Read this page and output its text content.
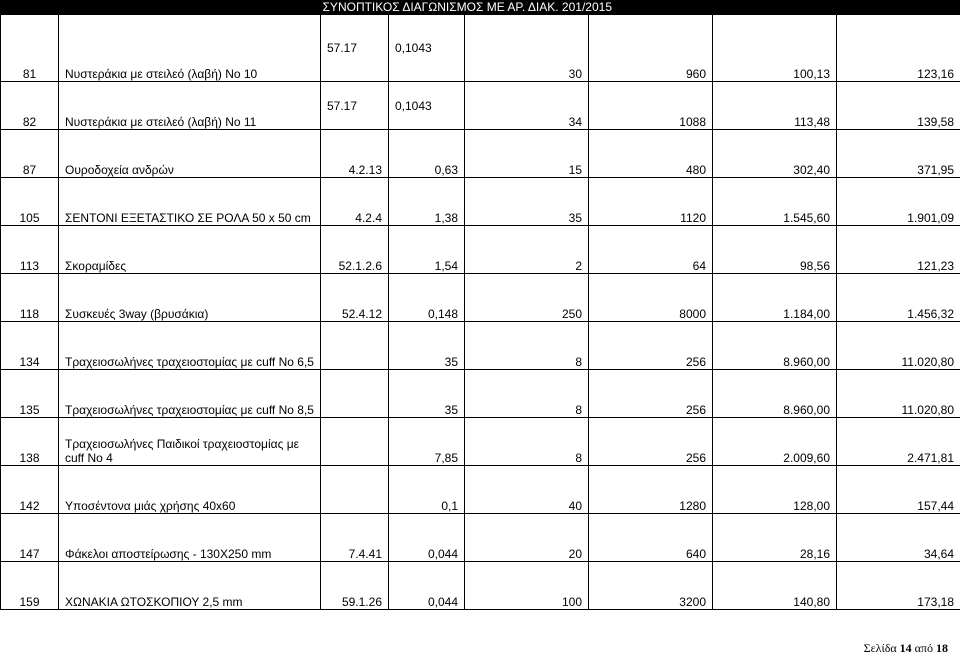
ΣΥΝΟΠΤΙΚΟΣ ΔΙΑΓΩΝΙΣΜΟΣ ΜΕ ΑΡ. ΔΙΑΚ. 201/2015
81	Νυστεράκια με στειλεό (λαβή) Νο 10	57.17	0,1043	30	960	100,13	123,16
82	Νυστεράκια με στειλεό (λαβή) Νο 11	57.17	0,1043	34	1088	113,48	139,58
87	Ουροδοχεία ανδρών	4.2.13	0,63	15	480	302,40	371,95
105	ΣΕΝΤΟΝΙ ΕΞΕΤΑΣΤΙΚΟ ΣΕ ΡΟΛΑ 50 x 50 cm	4.2.4	1,38	35	1120	1.545,60	1.901,09
113	Σκοραμίδες	52.1.2.6	1,54	2	64	98,56	121,23
118	Συσκευές 3way (βρυσάκια)	52.4.12	0,148	250	8000	1.184,00	1.456,32
134	Τραχειοσωλήνες τραχειοστομίας με cuff Νο 6,5		35	8	256	8.960,00	11.020,80
135	Τραχειοσωλήνες τραχειοστομίας με cuff Νο 8,5		35	8	256	8.960,00	11.020,80
138	Τραχειοσωλήνες Παιδικοί τραχειοστομίας με cuff Νο 4		7,85	8	256	2.009,60	2.471,81
142	Υποσέντονα μιάς χρήσης 40x60		0,1	40	1280	128,00	157,44
147	Φάκελοι αποστείρωσης - 130Χ250 mm	7.4.41	0,044	20	640	28,16	34,64
159	ΧΩΝΑΚΙΑ ΩΤΟΣΚΟΠΙΟΥ 2,5 mm	59.1.26	0,044	100	3200	140,80	173,18
Σελίδα 14 από 18
